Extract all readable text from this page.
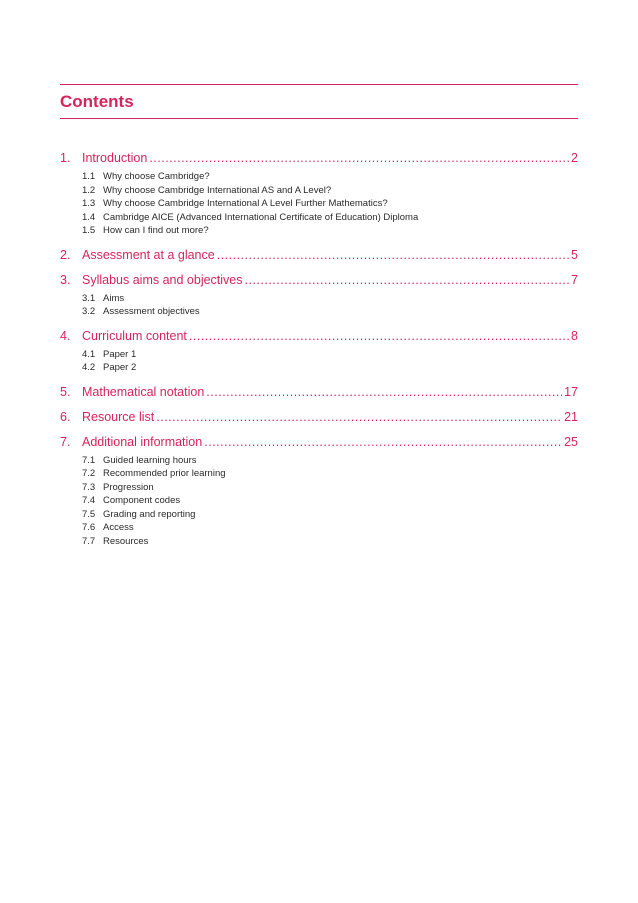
Contents
1. Introduction .....	2
1.1 Why choose Cambridge?
1.2 Why choose Cambridge International AS and A Level?
1.3 Why choose Cambridge International A Level Further Mathematics?
1.4 Cambridge AICE (Advanced International Certificate of Education) Diploma
1.5 How can I find out more?
2. Assessment at a glance .....	5
3. Syllabus aims and objectives .....	7
3.1 Aims
3.2 Assessment objectives
4. Curriculum content .....	8
4.1 Paper 1
4.2 Paper 2
5. Mathematical notation .....	17
6. Resource list .....	21
7. Additional information .....	25
7.1 Guided learning hours
7.2 Recommended prior learning
7.3 Progression
7.4 Component codes
7.5 Grading and reporting
7.6 Access
7.7 Resources
